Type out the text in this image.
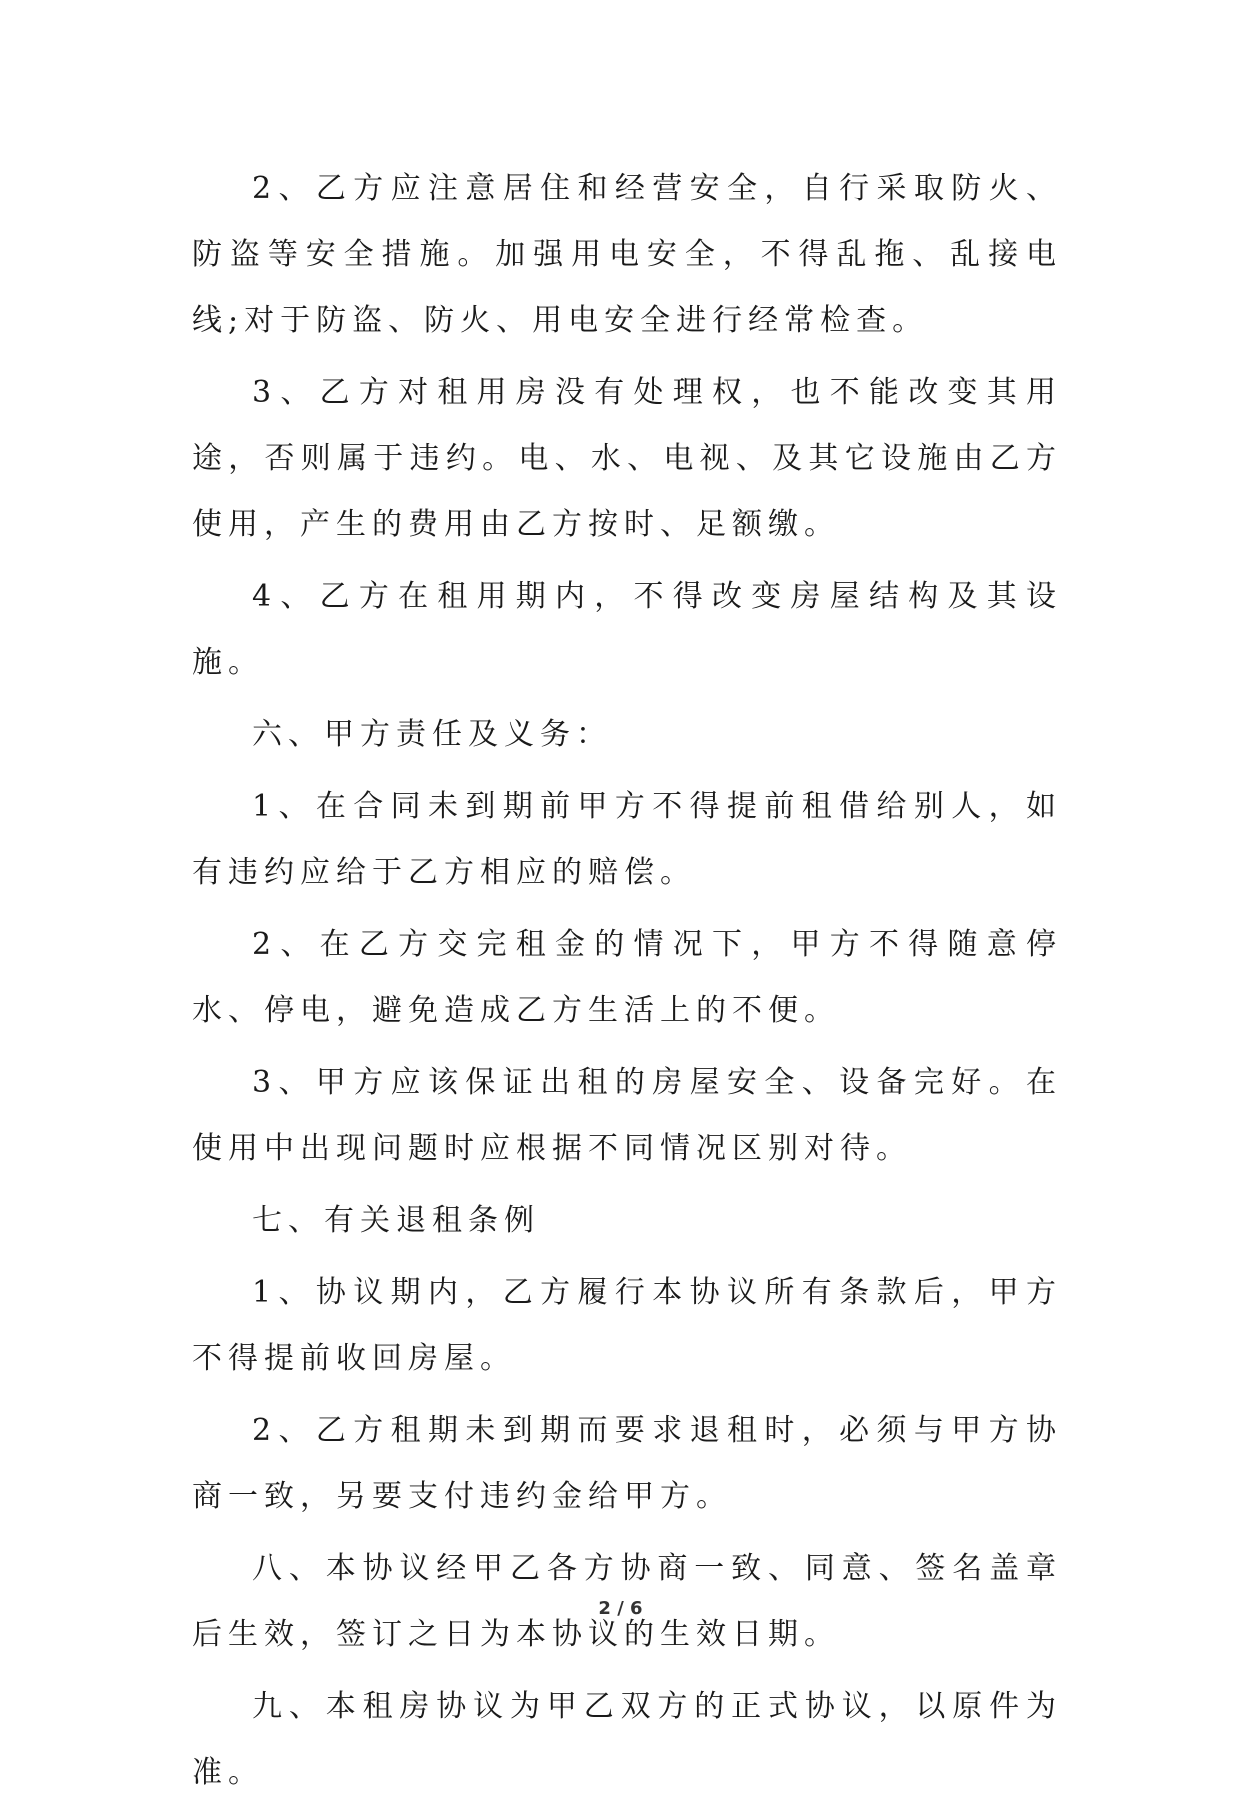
2、乙方应注意居住和经营安全，自行采取防火、防盗等安全措施。加强用电安全，不得乱拖、乱接电线;对于防盗、防火、用电安全进行经常检查。

3、乙方对租用房没有处理权，也不能改变其用途，否则属于违约。电、水、电视、及其它设施由乙方使用，产生的费用由乙方按时、足额缴。

4、乙方在租用期内，不得改变房屋结构及其设施。

六、甲方责任及义务：

1、在合同未到期前甲方不得提前租借给别人，如有违约应给于乙方相应的赔偿。

2、在乙方交完租金的情况下，甲方不得随意停水、停电，避免造成乙方生活上的不便。

3、甲方应该保证出租的房屋安全、设备完好。在使用中出现问题时应根据不同情况区别对待。

七、有关退租条例

1、协议期内，乙方履行本协议所有条款后，甲方不得提前收回房屋。

2、乙方租期未到期而要求退租时，必须与甲方协商一致，另要支付违约金给甲方。

八、本协议经甲乙各方协商一致、同意、签名盖章后生效，签订之日为本协议的生效日期。

九、本租房协议为甲乙双方的正式协议，以原件为准。

2 / 6
